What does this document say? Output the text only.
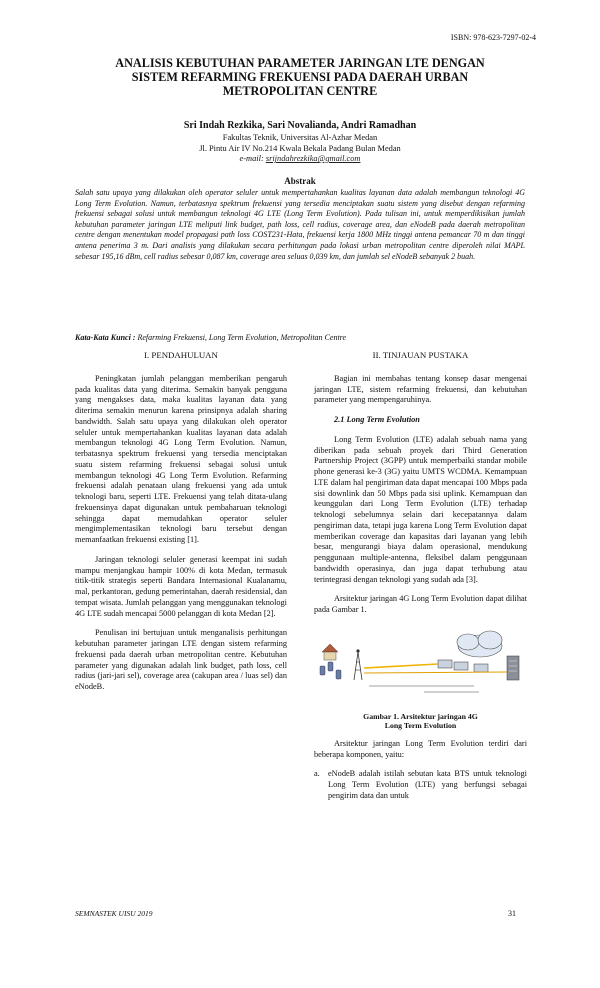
ISBN: 978-623-7297-02-4
ANALISIS KEBUTUHAN PARAMETER JARINGAN LTE DENGAN
SISTEM REFARMING FREKUENSI PADA DAERAH URBAN
METROPOLITAN CENTRE
Sri Indah Rezkika, Sari Novalianda, Andri Ramadhan
Fakultas Teknik, Universitas Al-Azhar Medan
Jl. Pintu Air IV No.214 Kwala Bekala Padang Bulan Medan
e-mail: srijndahrezkika@gmail.com
Abstrak
Salah satu upaya yang dilakukan oleh operator seluler untuk mempertahankan kualitas layanan data adalah membangun teknologi 4G Long Term Evolution. Namun, terbatasnya spektrum frekuensi yang tersedia menciptakan suatu sistem yang disebut dengan refarming frekuensi sebagai solusi untuk membangun teknologi 4G LTE (Long Term Evolution). Pada tulisan ini, untuk memperdikisikan jumlah kebutuhan parameter jaringan LTE meliputi link budget, path loss, cell radius, coverage area, dan eNodeB pada daerah metropolitan centre dengan menentukan model propagasi path loss COST231-Hata, frekuensi kerja 1800 MHz tinggi antena pemancar 70 m dan tinggi antena penerima 3 m. Dari analisis yang dilakukan secara perhitungan pada lokasi urban metropolitan centre diperoleh nilai MAPL sebesar 195,16 dBm, cell radius sebesar 0,087 km, coverage area seluas 0,039 km, dan jumlah sel eNodeB sebanyak 2 buah.
Kata-Kata Kunci : Refarming Frekuensi, Long Term Evolution, Metropolitan Centre
I. PENDAHULUAN

Peningkatan jumlah pelanggan memberikan pengaruh pada kualitas data yang diterima. Semakin banyak pengguna yang mengakses data, maka kualitas layanan data yang diterima semakin menurun karena prinsipnya adalah sharing bandwidth. Salah satu upaya yang dilakukan oleh operator seluler untuk mempertahankan kualitas layanan data adalah membangun teknologi 4G Long Term Evolution. Namun, terbatasnya spektrum frekuensi yang tersedia menciptakan suatu sistem refarming frekuensi sebagai solusi untuk membangun teknologi 4G Long Term Evolution. Refarming frekuensi adalah penataan ulang frekuensi yang ada untuk teknologi baru, seperti LTE. Frekuensi yang telah ditata-ulang frekuensinya dapat digunakan untuk pembaharuan teknologi sehingga dapat memudahkan operator seluler mengimplementasikan teknologi baru tersebut dengan memanfaatkan frekuensi existing [1].

Jaringan teknologi seluler generasi keempat ini sudah mampu menjangkau hampir 100% di kota Medan, termasuk titik-titik strategis seperti Bandara Internasional Kualanamu, mal, perkantoran, gedung pemerintahan, daerah residensial, dan tempat wisata. Jumlah pelanggan yang menggunakan teknologi 4G LTE sudah mencapai 5000 pelanggan di kota Medan [2].

Penulisan ini bertujuan untuk menganalisis perhitungan kebutuhan parameter jaringan LTE dengan sistem refarming frekuensi pada daerah urban metropolitan centre. Kebutuhan parameter yang digunakan adalah link budget, path loss, cell radius (jari-jari sel), coverage area (cakupan area / luas sel) dan eNodeB.

II. TINJAUAN PUSTAKA

Bagian ini membahas tentang konsep dasar mengenai jaringan LTE, sistem refarming frekuensi, dan kebutuhan parameter yang mempengaruhinya.

2.1 Long Term Evolution

Long Term Evolution (LTE) adalah sebuah nama yang diberikan pada sebuah proyek dari Third Generation Partnership Project (3GPP) untuk memperbaiki standar mobile phone generasi ke-3 (3G) yaitu UMTS WCDMA. Kemampuan LTE dalam hal pengiriman data dapat mencapai 100 Mbps pada sisi downlink dan 50 Mbps pada sisi uplink. Kemampuan dan keunggulan dari Long Term Evolution (LTE) terhadap teknologi sebelumnya selain dari kecepatannya dalam pengiriman data, tetapi juga karena Long Term Evolution dapat memberikan coverage dan kapasitas dari layanan yang lebih besar, mengurangi biaya dalam operasional, mendukung penggunaan multiple-antenna, fleksibel dalam penggunaan bandwidth operasinya, dan juga dapat terhubung atau terintegrasi dengan teknologi yang sudah ada [3].

Arsitektur jaringan 4G Long Term Evolution dapat dilihat pada Gambar 1.

Gambar 1. Arsitektur jaringan 4G
Long Term Evolution

Arsitektur jaringan Long Term Evolution terdiri dari beberapa komponen, yaitu:

a. eNodeB adalah istilah sebutan kata BTS untuk teknologi Long Term Evolution (LTE) yang berfungsi sebagai pengirim data dan untuk
SEMNASTEK UISU 2019	31
